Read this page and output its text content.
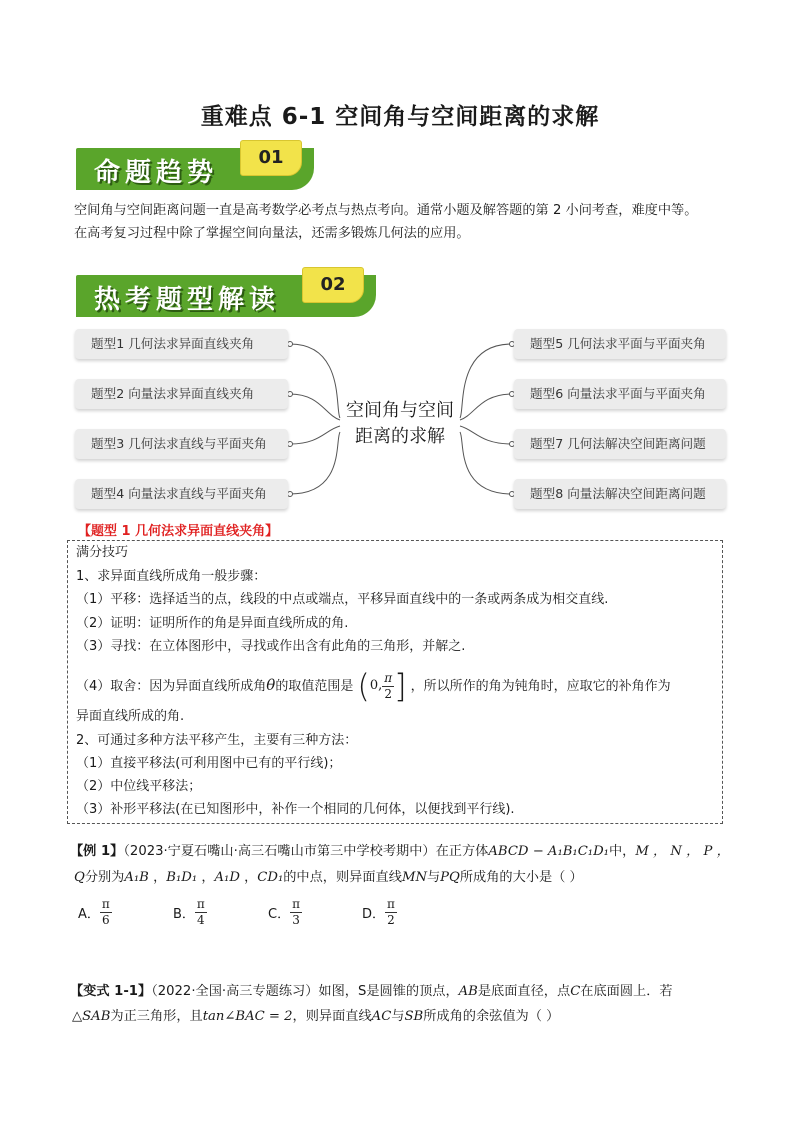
重难点 6-1 空间角与空间距离的求解
命题趋势
01
空间角与空间距离问题一直是高考数学必考点与热点考向。通常小题及解答题的第 2 小问考查，难度中等。
在高考复习过程中除了掌握空间向量法，还需多锻炼几何法的应用。
热考题型解读
02
题型1 几何法求异面直线夹角
题型2 向量法求异面直线夹角
题型3 几何法求直线与平面夹角
题型4 向量法求直线与平面夹角
题型5 几何法求平面与平面夹角
题型6 向量法求平面与平面夹角
题型7 几何法解决空间距离问题
题型8 向量法解决空间距离问题
空间角与空间
距离的求解
【题型 1 几何法求异面直线夹角】
满分技巧
1、求异面直线所成角一般步骤：
（1）平移：选择适当的点，线段的中点或端点，平移异面直线中的一条或两条成为相交直线.
（2）证明：证明所作的角是异面直线所成的角.
（3）寻找：在立体图形中，寻找或作出含有此角的三角形，并解之.
（4）取舍：因为异面直线所成角θ的取值范围是 (0, $\frac{\pi}{2}$ ] ，所以所作的角为钝角时，应取它的补角作为
异面直线所成的角.
2、可通过多种方法平移产生，主要有三种方法：
（1）直接平移法(可利用图中已有的平行线)；
（2）中位线平移法；
（3）补形平移法(在已知图形中，补作一个相同的几何体，以便找到平行线).
【例 1】（2023·宁夏石嘴山·高三石嘴山市第三中学校考期中）在正方体ABCD − A₁B₁C₁D₁中，M ， N ， P ，
Q分别为A₁B ，B₁D₁ ，A₁D ，CD₁的中点，则异面直线MN与PQ所成角的大小是（ ）
A． $\frac{\pi}{6}$	B． $\frac{\pi}{4}$	C． $\frac{\pi}{3}$	D． $\frac{\pi}{2}$
【变式 1-1】（2022·全国·高三专题练习）如图，S是圆锥的顶点，AB是底面直径，点C在底面圆上．若
△SAB为正三角形，且tan∠BAC = 2，则异面直线AC与SB所成角的余弦值为（ ）
